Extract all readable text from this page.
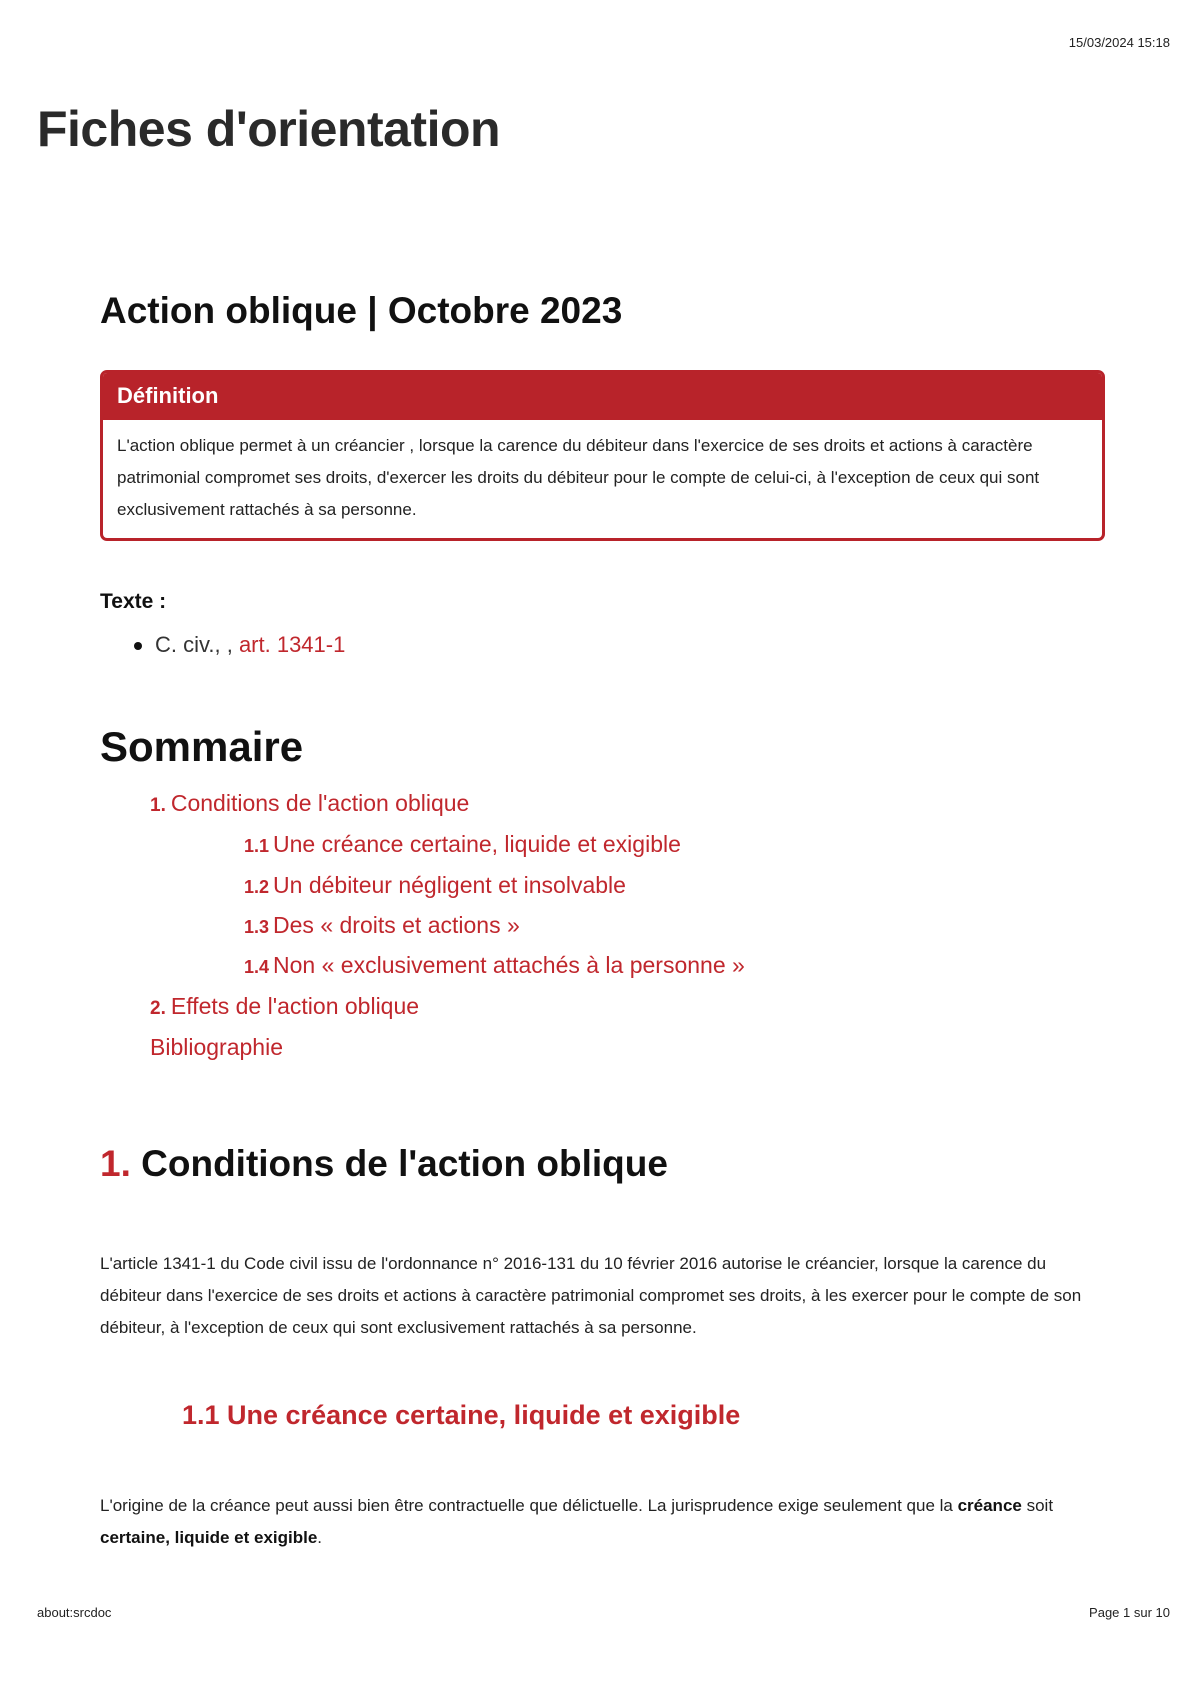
15/03/2024 15:18
Fiches d'orientation
Action oblique | Octobre 2023
Définition
L'action oblique permet à un créancier , lorsque la carence du débiteur dans l'exercice de ses droits et actions à caractère patrimonial compromet ses droits, d'exercer les droits du débiteur pour le compte de celui-ci, à l'exception de ceux qui sont exclusivement rattachés à sa personne.

Texte :

C. civ., , art. 1341-1
Sommaire
1. Conditions de l'action oblique
1.1 Une créance certaine, liquide et exigible
1.2 Un débiteur négligent et insolvable
1.3 Des « droits et actions »
1.4 Non « exclusivement attachés à la personne »
2. Effets de l'action oblique
Bibliographie
1. Conditions de l'action oblique

L'article 1341-1 du Code civil issu de l'ordonnance n° 2016-131 du 10 février 2016 autorise le créancier, lorsque la carence du débiteur dans l'exercice de ses droits et actions à caractère patrimonial compromet ses droits, à les exercer pour le compte de son débiteur, à l'exception de ceux qui sont exclusivement rattachés à sa personne.

1.1 Une créance certaine, liquide et exigible

L'origine de la créance peut aussi bien être contractuelle que délictuelle. La jurisprudence exige seulement que la créance soit certaine, liquide et exigible.

about:srcdoc	Page 1 sur 10
